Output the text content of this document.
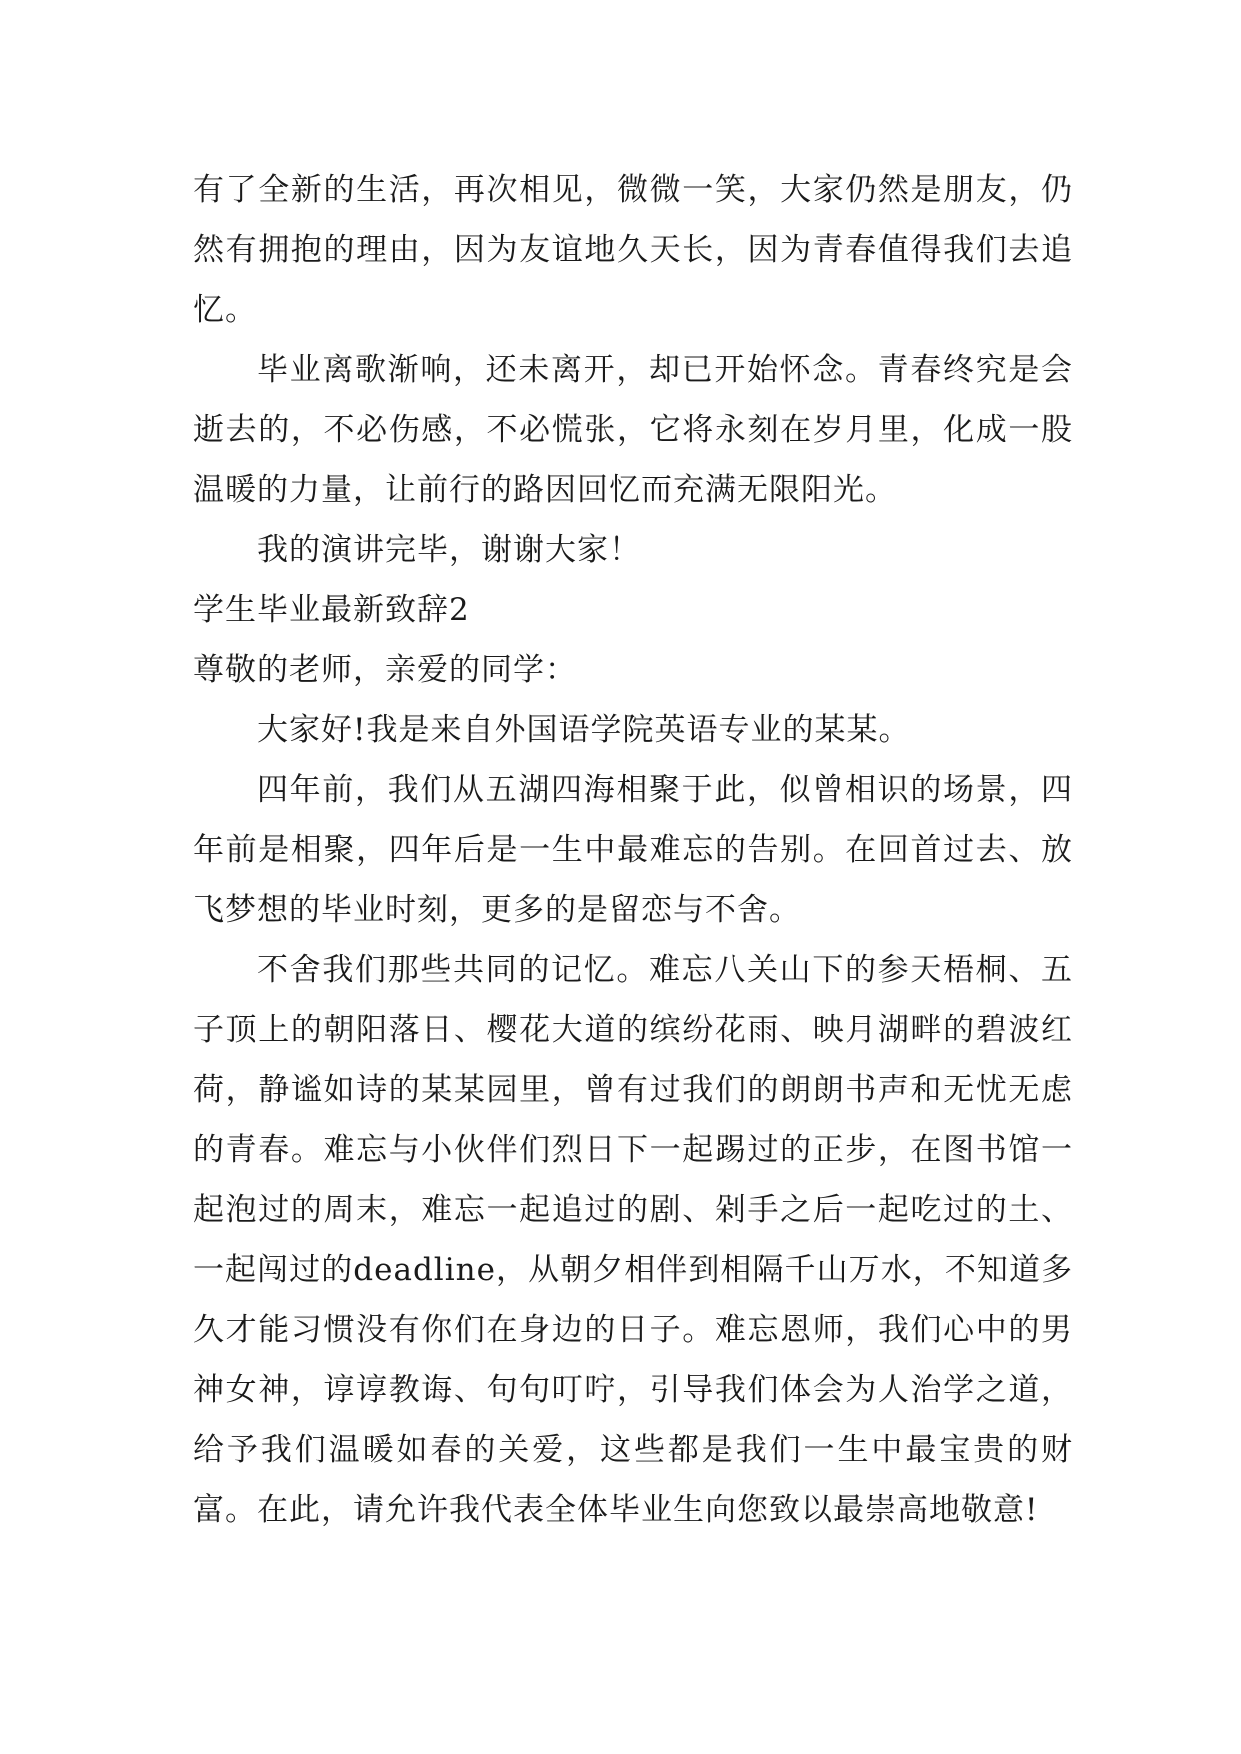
有了全新的生活，再次相见，微微一笑，大家仍然是朋友，仍然有拥抱的理由，因为友谊地久天长，因为青春值得我们去追忆。

毕业离歌渐响，还未离开，却已开始怀念。青春终究是会逝去的，不必伤感，不必慌张，它将永刻在岁月里，化成一股温暖的力量，让前行的路因回忆而充满无限阳光。

我的演讲完毕，谢谢大家！

学生毕业最新致辞2

尊敬的老师，亲爱的同学：

大家好!我是来自外国语学院英语专业的某某。

四年前，我们从五湖四海相聚于此，似曾相识的场景，四年前是相聚，四年后是一生中最难忘的告别。在回首过去、放飞梦想的毕业时刻，更多的是留恋与不舍。

不舍我们那些共同的记忆。难忘八关山下的参天梧桐、五子顶上的朝阳落日、樱花大道的缤纷花雨、映月湖畔的碧波红荷，静谧如诗的某某园里，曾有过我们的朗朗书声和无忧无虑的青春。难忘与小伙伴们烈日下一起踢过的正步，在图书馆一起泡过的周末，难忘一起追过的剧、剁手之后一起吃过的土、一起闯过的deadline，从朝夕相伴到相隔千山万水，不知道多久才能习惯没有你们在身边的日子。难忘恩师，我们心中的男神女神，谆谆教诲、句句叮咛，引导我们体会为人治学之道，给予我们温暖如春的关爱，这些都是我们一生中最宝贵的财富。在此，请允许我代表全体毕业生向您致以最崇高地敬意!
